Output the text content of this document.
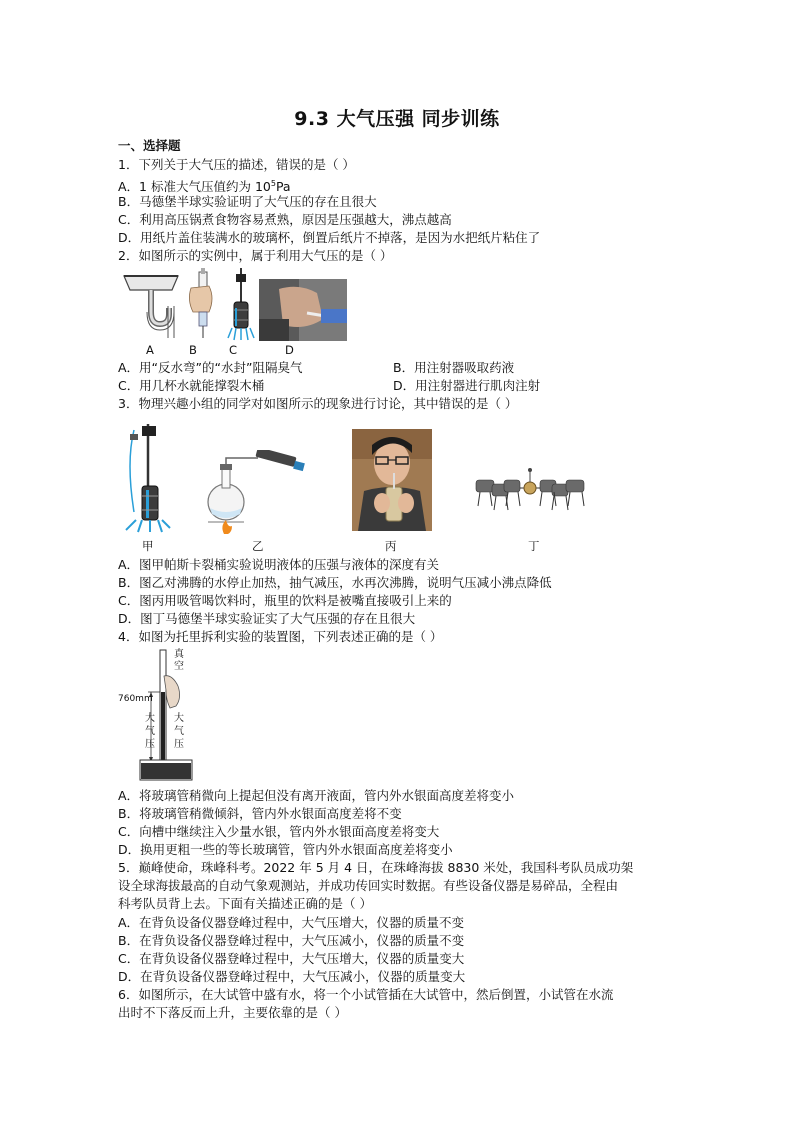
9.3 大气压强 同步训练
一、选择题
1．下列关于大气压的描述，错误的是（ ）
A．1 标准大气压值约为 $10^5Pa$
B．马德堡半球实验证明了大气压的存在且很大
C．利用高压锅煮食物容易煮熟，原因是压强越大，沸点越高
D．用纸片盖住装满水的玻璃杯，倒置后纸片不掉落，是因为水把纸片粘住了
2．如图所示的实例中，属于利用大气压的是（ ）
A	B	C	D
A．用“反水弯”的“水封”阻隔臭气	B．用注射器吸取药液
C．用几杯水就能撑裂木桶	D．用注射器进行肌肉注射
3．物理兴趣小组的同学对如图所示的现象进行讨论，其中错误的是（ ）
甲	乙	丙	丁
A．图甲帕斯卡裂桶实验说明液体的压强与液体的深度有关
B．图乙对沸腾的水停止加热，抽气减压，水再次沸腾，说明气压减小沸点降低
C．图丙用吸管喝饮料时，瓶里的饮料是被嘴直接吸引上来的
D．图丁马德堡半球实验证实了大气压强的存在且很大
4．如图为托里拆利实验的装置图，下列表述正确的是（ ）
真
空
760mm
大
气
压
大
气
压
A．将玻璃管稍微向上提起但没有离开液面，管内外水银面高度差将变小
B．将玻璃管稍微倾斜，管内外水银面高度差将不变
C．向槽中继续注入少量水银，管内外水银面高度差将变大
D．换用更粗一些的等长玻璃管，管内外水银面高度差将变小
5．巅峰使命，珠峰科考。2022 年 5 月 4 日，在珠峰海拔 8830 米处，我国科考队员成功架
设全球海拔最高的自动气象观测站，并成功传回实时数据。有些设备仪器是易碎品，全程由
科考队员背上去。下面有关描述正确的是（ ）
A．在背负设备仪器登峰过程中，大气压增大，仪器的质量不变
B．在背负设备仪器登峰过程中，大气压减小，仪器的质量不变
C．在背负设备仪器登峰过程中，大气压增大，仪器的质量变大
D．在背负设备仪器登峰过程中，大气压减小，仪器的质量变大
6．如图所示，在大试管中盛有水，将一个小试管插在大试管中，然后倒置，小试管在水流
出时不下落反而上升，主要依靠的是（ ）
